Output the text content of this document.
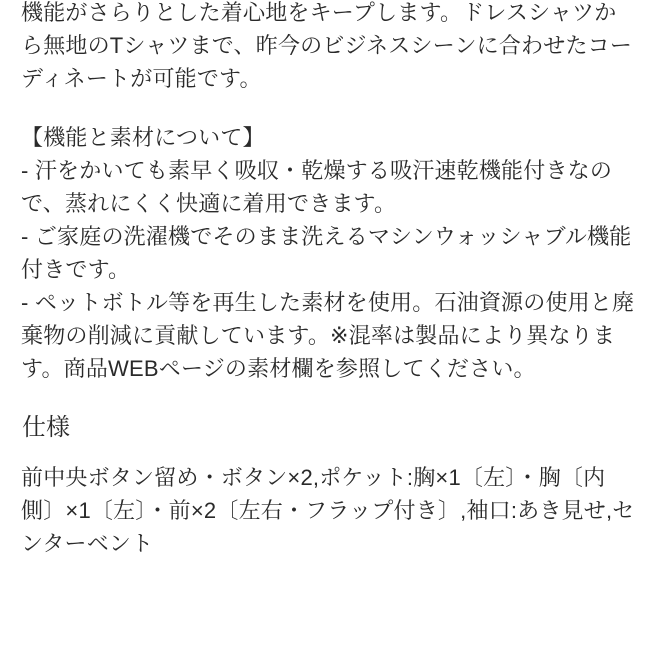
機能がさらりとした着心地をキープします。ドレスシャツから無地のTシャツまで、昨今のビジネスシーンに合わせたコーディネートが可能です。

【機能と素材について】

- 汗をかいても素早く吸収・乾燥する吸汗速乾機能付きなので、蒸れにくく快適に着用できます。

- ご家庭の洗濯機でそのまま洗えるマシンウォッシャブル機能付きです。

- ペットボトル等を再生した素材を使用。石油資源の使用と廃棄物の削減に貢献しています。※混率は製品により異なります。商品WEBページの素材欄を参照してください。

仕様

前中央ボタン留め・ボタン×2,ポケット:胸×1〔左〕・胸〔内側〕×1〔左〕・前×2〔左右・フラップ付き〕,袖口:あき見せ,センターベント
